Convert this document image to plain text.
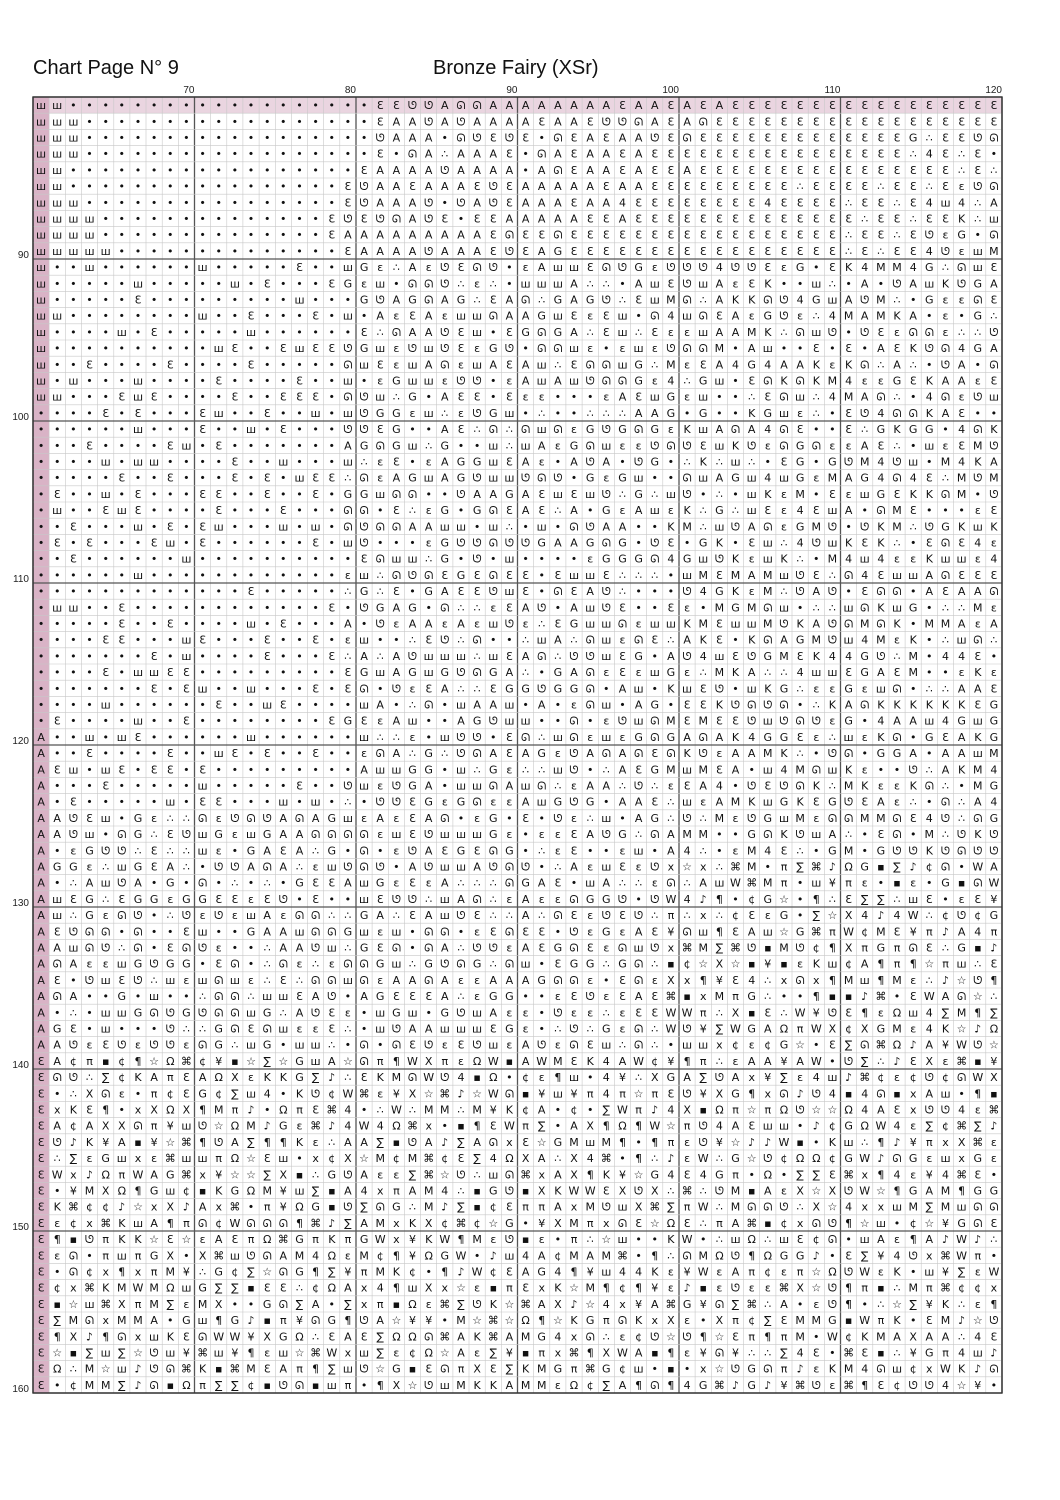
Chart Page N° 9	Bronze Fairy (XSr)
ш ш • • • • • • • • • • • • • • • • • • • Ɛ Ɛ ᘎ ᘎ A ᘏ ᘏ A A A A A A A A Ɛ A A Ɛ A Ɛ A Ɛ Ɛ Ɛ Ɛ Ɛ Ɛ Ɛ Ɛ Ɛ Ɛ Ɛ Ɛ Ɛ Ɛ Ɛ Ɛ Ɛ
ш ш ш • • • • • • • • • • • • • • • • • • Ɛ A A ᘎ A ᘎ A A A A Ɛ A A Ɛ ᘎ ᘎ ᘏ A Ɛ A ᘏ Ɛ Ɛ Ɛ Ɛ Ɛ Ɛ Ɛ Ɛ Ɛ Ɛ Ɛ Ɛ Ɛ Ɛ Ɛ Ɛ Ɛ Ɛ
ш ш ш • • • • • • • • • • • • • • • • • • ᘎ A A A • ᘏ ᘎ Ɛ ᘎ Ɛ • ᘏ Ɛ A Ɛ A A ᘎ Ɛ ᘏ Ɛ Ɛ Ɛ Ɛ Ɛ Ɛ Ɛ Ɛ Ɛ Ɛ Ɛ Ɛ Ɛ G ∴ Ɛ Ɛ ᘎ ᘏ
ш ш ш • • • • • • • • • • • • • • • • • • Ɛ • ᘏ A ∴ A A A Ɛ • ᘏ A Ɛ A A Ɛ A Ɛ Ɛ Ɛ Ɛ Ɛ Ɛ Ɛ Ɛ Ɛ Ɛ Ɛ Ɛ Ɛ Ɛ Ɛ Ɛ ∴ 4 Ɛ ∴ Ɛ •
ш ш • • • • • • • • • • • • • • • • • • Ɛ A A A A ᘎ A A A A • A ᘏ Ɛ A A Ɛ A Ɛ Ɛ A Ɛ Ɛ Ɛ Ɛ Ɛ Ɛ Ɛ Ɛ Ɛ Ɛ Ɛ Ɛ Ɛ Ɛ Ɛ Ɛ ∴ Ɛ ∴
ш ш • • • • • • • • • • • • • • • • • Ɛ ᘎ A A Ɛ A A A Ɛ ᘎ Ɛ A A A A A Ɛ A A Ɛ Ɛ Ɛ Ɛ Ɛ Ɛ Ɛ Ɛ Ɛ ∴ Ɛ Ɛ Ɛ Ɛ ∴ Ɛ Ɛ ∴ Ɛ ε ᘎ ᘏ
ш ш ш • • • • • • • • • • • • • • • • Ɛ ᘎ A A A ᘎ • ᘎ A ᘎ Ɛ A A A Ɛ A A 4 Ɛ Ɛ Ɛ Ɛ Ɛ Ɛ Ɛ Ɛ 4 Ɛ Ɛ Ɛ Ɛ ∴ Ɛ Ɛ ∴ Ɛ 4 ш 4 ∴ A
ш ш ш ш • • • • • • • • • • • • • • Ɛ ᘎ Ɛ ᘎ ᘏ A ᘎ Ɛ • Ɛ Ɛ A A A A A Ɛ Ɛ A Ɛ Ɛ Ɛ Ɛ Ɛ Ɛ Ɛ Ɛ Ɛ Ɛ Ɛ Ɛ Ɛ Ɛ ∴ Ɛ Ɛ ∴ Ɛ Ɛ K ∴ ш
ш ш ш ш • • • • • • • • • • • • • • Ɛ A A A A A A A A A Ɛ ᘏ Ɛ Ɛ ᘏ Ɛ Ɛ Ɛ Ɛ Ɛ Ɛ Ɛ Ɛ Ɛ Ɛ Ɛ Ɛ Ɛ Ɛ Ɛ Ɛ Ɛ ∴ Ɛ Ɛ ∴ Ɛ ᘎ ε G • ᘏ
ш ш ш ш ш • • • • • • • • • • • • • • Ɛ A A A A ᘎ A A A Ɛ ᘎ Ɛ A G Ɛ Ɛ Ɛ Ɛ Ɛ Ɛ Ɛ Ɛ Ɛ Ɛ Ɛ Ɛ Ɛ Ɛ Ɛ Ɛ Ɛ ∴ Ɛ ∴ Ɛ Ɛ 4 ᘎ ε ш M
ш • • ш • • • • • • ш • • • • • Ɛ • • ш G ε ∴ A ε ᘎ Ɛ ᘏ ᘎ • ε A ш ш Ɛ ᘏ ᘎ G ε ᘎ ᘎ ᘎ 4 ᘎ ᘎ Ɛ ε G • Ɛ K 4 M M 4 G ∴ ᘏ ш Ɛ
ш • • • • • ш • • • • • ш • Ɛ • • • Ɛ G ε ш • ᘏ ᘏ ᘎ ∴ ε ∴ • ш ш ш A ∴ ∴ • A ш Ɛ ᘎ ш A ε Ɛ K • • ш ∴ • A • ᘎ A ш K ᘎ G A
ш • • • • • Ɛ • • • • • • • • • ш • • • G ᘎ A G ᘏ A G ∴ Ɛ A ᘏ ∴ G A G ᘎ ∴ Ɛ ш M ᘏ ∴ A K K ᘏ ᘎ 4 G ш A ᘎ M ∴ • G ε ε ᘏ Ɛ
ш ш • • • • • • • • ш • • Ɛ • • • Ɛ • ш • A ε Ɛ A ε ш ш ᘏ A A G ш Ɛ ε Ɛ ш • ᘏ 4 ш ᘏ Ɛ A ε G ᘎ ε ∴ 4 M A M K A • ε • G ∴
ш • • • • ш • Ɛ • • • • • ш • • • • • • Ɛ ∴ ᘏ A A ᘎ Ɛ ш • Ɛ G ᘏ G A ∴ Ɛ ш ∴ Ɛ ε ε ш A A M K ∴ ᘏ ш ᘎ • ᘎ Ɛ ε ᘏ ᘏ ε ∴ ∴ ᘎ
ш • • • • • • • • • • ш Ɛ • • Ɛ ш Ɛ Ɛ ᘎ G ш ε ᘎ ш ᘎ Ɛ ε G ᘎ • ᘏ ᘏ ш ε • ε ш ε ᘎ ᘏ ᘏ M • A ш • • Ɛ • Ɛ • A Ɛ K ᘎ ᘏ 4 G A
ш • • Ɛ • • • • Ɛ • • • • Ɛ • • • • • ᘏ ш Ɛ ε ш A ᘏ ε ш A Ɛ A ш ∴ Ɛ ᘏ ᘏ ш G ∴ M ε Ɛ A 4 G 4 A A K ε K ᘏ ∴ A ∴ • ᘎ A • ᘏ
ш • ш • • • ш • • • • Ɛ • • • • Ɛ • • ш • ε G ш ш ε ᘎ ᘎ • ε A ш A ш ᘎ ᘏ ᘏ G ε 4 ∴ G ш • Ɛ ᘏ K ᘏ K M 4 ε ε G Ɛ K A A ε Ɛ
ш ш • • • Ɛ ш Ɛ • • • • Ɛ • • Ɛ Ɛ Ɛ • ᘏ ᘎ ш ∴ G • A Ɛ Ɛ • Ɛ ε ε • • • ε A Ɛ ш G ε ш • • ∴ Ɛ ᘏ ш ∴ 4 M A ᘏ ∴ • 4 ᘏ ε ᘎ ш
• • • • Ɛ • Ɛ • • • Ɛ ш • • Ɛ • • ш • ш ᘎ G G ε ш ∴ ε ᘎ G ш • ∴ • • ∴ ∴ ∴ A A G • G • • K G ш ε ∴ • Ɛ ᘎ 4 ᘏ ᘏ K A Ɛ • •
• • • • • • ш • • • Ɛ • • ш • Ɛ • • • ᘎ ᘎ Ɛ G • • A Ɛ ∴ ᘏ ∴ ᘏ ш ᘏ ε G ᘎ G ᘏ G ε K ш A ᘏ A 4 ᘏ Ɛ • • Ɛ ∴ G K G G • 4 ᘏ K
• • • Ɛ • • • • Ɛ ш • Ɛ • • • • • • • A G ᘏ G ш ∴ G • • ш ∴ ш A ε G ᘏ ш ε ε ᘎ ᘏ ᘎ Ɛ ш K ᘎ ε ᘏ G ᘏ ε ε A Ɛ ∴ • ш ε Ɛ M ᘎ
• • • • ш • ш ш • • • • Ɛ • • ш • • • ш ∴ ε Ɛ • ε A G G ш Ɛ A ε • A ᘎ A • ᘎ G • ∴ K ∴ ш ∴ • Ɛ G • G ᘎ M 4 ᘎ ш • M 4 K A
• • • • • Ɛ • • Ɛ • • • Ɛ • Ɛ • ш Ɛ Ɛ ∴ ᘏ ε A G ш A G ᘎ ш ш ᘎ ᘏ ᘎ • G ε G ш • • ᘏ ш A G ш 4 ш G ε M A G 4 ᘏ 4 Ɛ ∴ M ᘎ M
• Ɛ • • ш • Ɛ • • • Ɛ Ɛ • • Ɛ • • Ɛ • G G ш ᘏ ᘏ • • ᘎ A A G A Ɛ ш Ɛ ш ᘎ ∴ G ∴ ш ᘎ • ∴ • ш K ε M • Ɛ ε ш G Ɛ K K ᘏ M • ᘎ
• ш • • Ɛ ш Ɛ • • • • Ɛ • • • Ɛ • • • ᘏ ᘏ • Ɛ ∴ ε G • G ᘏ Ɛ A Ɛ ∴ A • G ε A ш ε K ∴ G ∴ ш Ɛ ε 4 Ɛ ш A • ᘏ M Ɛ • • • ε Ɛ
• • Ɛ • • • ш • Ɛ • Ɛ ш • • • ш • ш • ᘏ ᘎ ᘏ ᘏ A A ш ш • ш ∴ • ш • ᘏ ᘎ A A • • K M ∴ ш ᘎ A ᘏ ε G M ᘎ • ᘎ K M ∴ ᘎ G K ш K
• Ɛ • Ɛ • • • Ɛ ш • Ɛ • • • • • • Ɛ • ш ᘎ • • • ε G ᘎ ᘎ ᘏ ᘎ ᘎ G A A G ᘏ G • ᘎ Ɛ • G K • Ɛ ш ∴ 4 ᘎ ш K Ɛ K ∴ • Ɛ ᘏ Ɛ 4 ε
• • Ɛ • • • • • • ш • • • • • • • • • • Ɛ ᘏ ш ш ∴ G • ᘎ • ш • • • • ε G G G ᘏ 4 G ш ᘎ K ε ш K ∴ • M 4 ш 4 ε ε K ш ш ε 4
• • • • • • ш • • • • • • • • • • • • ε ш ∴ ᘏ ᘎ ᘏ Ɛ G Ɛ ᘏ Ɛ Ɛ • Ɛ ш ш Ɛ ∴ ∴ ∴ • ш M Ɛ M A M ш ᘎ Ɛ ∴ ᘏ 4 Ɛ ш ш A ᘏ Ɛ Ɛ Ɛ
• • • • • • • • • • • • • Ɛ • • • • • ∴ G ∴ Ɛ • G A Ɛ Ɛ ᘎ ш Ɛ • ᘏ Ɛ A ᘎ ∴ • • • ᘎ 4 G K ε M ∴ ᘎ A ᘎ • Ɛ ᘏ ᘏ • A Ɛ A A ᘏ
• ш ш • • Ɛ • • • • • • • • • • • • Ɛ • ᘎ G A G • ᘏ ∴ ∴ ε Ɛ A ᘎ • A ш ᘎ Ɛ • • Ɛ ε • M G M ᘏ ш • ∴ ∴ ш ᘏ K ш G • ∴ ∴ M ε
• • • • • Ɛ • • Ɛ • • • • ш • Ɛ • • • A • ᘎ ε A A ε A ε ш ᘎ ε ∴ Ɛ G ш ш ᘏ ε ш ш K M Ɛ ш ш M ᘎ K A ᘎ ᘏ M ᘏ K • M M A ε A
• • • • Ɛ Ɛ • • • ш Ɛ • • • Ɛ • • Ɛ • ε ш • • ∴ Ɛ ᘎ ∴ ᘏ • • ∴ ш A ∴ ᘏ ш ε ᘏ Ɛ ∴ A K Ɛ • K ᘏ A G M ᘎ ш 4 M ε K • ∴ ш ᘏ ∴
• • • • • • • Ɛ • ш • • • • Ɛ • • • Ɛ ∴ A ∴ A ᘎ ш ш ш ∴ ш Ɛ A ᘏ ∴ ᘎ ᘎ ш Ɛ G • A ᘎ 4 ш Ɛ ᘎ G M Ɛ K 4 4 G ᘎ ∴ M • 4 4 Ɛ •
• • • • Ɛ • ш ш Ɛ Ɛ • • • • • • • • • Ɛ G ш A G ш G ᘎ ᘏ G A ∴ • G A ᘏ ε Ɛ ε ш G ε ∴ M K A ∴ ∴ 4 ш ш Ɛ G A Ɛ M • • ε K ε
• • • • • • • Ɛ • Ɛ ш • • ш • • • Ɛ • Ɛ ᘏ • ᘎ ε Ɛ A ∴ ∴ Ɛ G G ᘎ G G ᘏ • A ш • K ш Ɛ ᘎ • ш K G ∴ ε ε G ε ш ᘏ • ∴ ∴ A A Ɛ
• • • • ш • • • • • • Ɛ • • ш Ɛ • • • • ш A • ∴ ᘏ • ш A A ш • A • ε ᘏ ш • A G • Ɛ Ɛ K ᘎ ᘏ ᘎ ᘏ • ∴ K A ᘏ K K K K K K Ɛ G
• Ɛ • • • • ш • • Ɛ • • • • • • • • Ɛ G Ɛ ε A ш • • A G ᘎ ш ш • • ᘏ • ε ᘎ ш ᘏ M Ɛ M Ɛ Ɛ ᘎ ш ᘎ ᘏ ᘎ ε G • 4 A A ш 4 G ш G
A • • ш • ш Ɛ • • • • • • ш • • • • • • ш ∴ ∴ ε • ш ᘎ ᘎ • Ɛ ᘏ ∴ ш ᘏ ε ш ε G ᘏ G A ᘏ A K 4 G G Ɛ ε ∴ ш ε K ᘏ • G Ɛ A K G
A • • Ɛ • • • • Ɛ • • ш Ɛ • Ɛ • • Ɛ • • ε ᘏ A ∴ G ∴ ᘎ ᘏ A Ɛ A G ε ᘎ A ᘏ A ᘏ Ɛ ᘏ K ᘎ ε A A M K ∴ • ᘎ ᘏ • G G A • A A ш M
A Ɛ ш • ш Ɛ • Ɛ Ɛ • Ɛ • • • • • • • • • A ш ш G G • ш ∴ G ε ∴ ∴ ш ᘎ • ∴ A Ɛ G M ш M Ɛ A • ш 4 M ᘏ ш K ε • • ᘎ ∴ A K M 4
A • • • Ɛ • • • • • ш • • • • • Ɛ • • ᘎ ш ε ᘎ G A • ш ш ᘏ A ш ᘏ ∴ ε A A ∴ ᘎ ∴ ε Ɛ A 4 • ᘎ Ɛ ᘎ ᘏ K ∴ M K ε ε K ᘏ ∴ • M G
A • Ɛ • • • • • ш • Ɛ Ɛ • • • ш • ш • ∴ • ᘎ ᘎ Ɛ G ε G ᘏ ε ε A ш G ᘎ G • A A Ɛ ∴ ш ε A M K ш G K Ɛ G ᘎ Ɛ A ε ∴ • ᘏ ∴ A 4
A A ᘎ Ɛ ш • G ε ∴ ∴ ᘏ ε ᘎ ᘏ ᘎ A ᘏ A G ш ε A ε Ɛ A ᘏ • ε G • Ɛ • ᘎ ε ∴ ш • A G ∴ ᘎ ∴ M ε ᘎ G ш M ε ᘏ ᘏ M M ᘏ Ɛ 4 ᘎ ∴ ᘏ G
A A ᘎ ш • ᘏ G ∴ Ɛ ᘎ ш G ε ш G A A ᘏ ᘏ ᘏ ᘏ ε ш Ɛ ᘎ ш ш ш G ε • ε ε Ɛ A ᘎ G ∴ ᘏ A M M • • G ᘏ K ᘎ ш A ∴ • Ɛ ᘏ • M ∴ ᘎ K ᘎ
A • ε G ᘎ ᘎ ∴ Ɛ ∴ ∴ ш ε • G A Ɛ A ∴ G • ᘏ • ε ᘎ A Ɛ G Ɛ ᘏ G • ∴ ε Ɛ • • ε ш • A 4 ∴ • ε M 4 Ɛ ∴ • G M • G ᘎ ᘎ K ᘎ ᘏ ᘎ ᘎ
A G G ε ∴ ш G Ɛ A ∴ • ᘎ ᘎ A ᘏ A ∴ ε ш ᘎ ᘏ ᘎ • A ᘎ ш ш A ᘎ ᘏ ᘎ • ∴ A ε ш Ɛ ε ᘎ x ☆ x ∴ ⌘ M • π ∑ ⌘ ♪ Ω G ▪ ∑ ♪ ¢ ᘏ • W A
A • ∴ A ш ᘎ A • G • ᘏ • ∴ • ∴ • G Ɛ Ɛ A ш G ε Ɛ ε A ∴ ∴ ∴ ᘏ G A Ɛ • ш A ∴ ∴ ε ᘏ ∴ A ш W ⌘ M π • ш ¥ π ε • ▪ ε • G ▪ ᘏ W
A ш Ɛ G ∴ Ɛ G G ε G G Ɛ Ɛ ε Ɛ ᘎ • Ɛ • • ш Ɛ ᘎ ᘎ ∴ ш A ᘏ ∴ ε A ε ε ᘏ G G ᘎ • ᘎ W 4 ♪ ¶ • ¢ G ☆ • ¶ ∴ Ɛ ∑ ∑ ∴ ш Ɛ • ε Ɛ ¥
A ш ∴ G ε ᘏ ᘎ • ∴ ᘎ ε ᘎ ε ш A ε ᘏ ᘏ ∴ ∴ G A ∴ Ɛ A ш ᘎ Ɛ ∴ ∴ A ∴ ᘏ Ɛ ε ᘎ Ɛ ᘎ ∴ π ∴ x ∴ ¢ Ɛ ε G • ∑ ☆ Ⅹ 4 ♪ 4 W ∴ ¢ ᘎ ¢ G
A Ɛ ᘎ ᘏ ᘏ • ᘏ • • Ɛ ш • • G A A ш ᘏ ᘏ G ш ε ш • ᘏ ᘏ • ε Ɛ ᘏ Ɛ Ɛ • ᘎ ε G ε A Ɛ ¥ ᘏ ш ¶ Ɛ A ш ☆ G ⌘ π W ¢ M Ɛ ¥ π ♪ A 4 π
A A ш ᘏ ᘎ ∴ ᘏ • Ɛ ᘏ ᘎ ε • • ∴ A A ᘎ ш ∴ G Ɛ ᘏ • ᘏ A ∴ ᘎ ᘎ ε A Ɛ G ᘏ Ɛ ε ᘏ ш ᘎ x ⌘ M ∑ ⌘ ᘎ ▪ M ᘎ ¢ ¶ Ⅹ π G π ᘏ Ɛ ∴ G ▪ ♪
A ᘏ A ε ε ш G ᘎ G G • Ɛ ᘏ • ∴ ᘏ ε ∴ ε ᘏ ᘏ G ш ∴ G ᘎ ᘏ G ∴ ᘏ ш • Ɛ G G ∴ G ᘏ ∴ ▪ ¢ ☆ Ⅹ ☆ ▪ ¥ ▪ ε K ш ¢ A ¶ π ¶ ☆ π ш ∴ Ɛ
A Ɛ • ᘎ ш Ɛ ᘎ ∴ ш ε ш ᘏ ш ε ∴ Ɛ ∴ ᘏ ᘏ ш ᘏ ε A A ᘏ A ε ε A A A G ᘏ ᘏ ε • Ɛ ᘏ ε Ⅹ x ¶ ¥ Ɛ 4 ∴ x ᘏ x ¶ M ш ¶ M ε ∴ ♪ ☆ ᘎ ¶
A ᘏ A • • G • ш • • ∴ ᘏ ᘏ ∴ ш ш Ɛ A ᘎ • A G Ɛ Ɛ Ɛ A ∴ ε G G • • ε Ɛ ᘎ ε Ɛ A Ɛ ⌘ ▪ x M π G ∴ • • ¶ ▪ ▪ ♪ ⌘ • Ɛ W A ᘏ ☆ ∴
A • ∴ • ш ш G ᘏ ᘎ G ᘎ ᘏ ᘏ ш G ∴ A ᘎ Ɛ ε • ш G ш • G ᘎ ш A ε ε • ᘎ ε ε ∴ ε Ɛ Ɛ W W π ∴ Ⅹ ▪ Ɛ ∴ W ¥ ᘎ Ɛ ¶ ε Ω ш 4 ∑ M ¶ ∑
A G Ɛ • ш • • • ᘎ ∴ ∴ G ᘏ Ɛ ᘏ ш ε ε Ɛ ∴ • ш ᘎ A A ш ш ш Ɛ G ε • ∴ ᘎ ∴ G ε ᘏ ∴ W ᘎ ¥ ∑ W G A Ω π W Ⅹ ¢ Ⅹ G M ε 4 K ☆ ♪ Ω
A A ᘎ ε Ɛ ᘎ ε ᘎ ᘎ ε ᘏ G ∴ ш G • ш ш ∴ • ᘏ • ᘏ Ɛ ᘎ ε Ɛ ᘎ ш ε A ᘎ ε ᘏ Ɛ ш ∴ ᘏ ∴ • ш ш x ¢ ε ¢ G ☆ • Ɛ ∑ ᘏ ⌘ Ω ♪ A ¥ W ᘎ ☆
Ɛ A ¢ π ▪ ¢ ¶ ☆ Ω ⌘ ¢ ¥ ▪ ☆ ∑ ☆ G ш A ☆ ᘏ π ¶ W Ⅹ π ε Ω W ▪ A W M Ɛ K 4 A W ¢ ¥ ¶ π ∴ ε A A ¥ A W • ᘎ ∑ ∴ ♪ Ɛ Ⅹ ε ⌘ ▪ ¥
Ɛ ᘏ ᘎ ∴ ∑ ¢ K A π Ɛ A Ω Ⅹ ε K K G ∑ ♪ ∴ Ɛ K M ᘏ W ᘎ 4 ▪ Ω • ¢ ε ¶ ш • 4 ¥ ∴ Ⅹ G A ∑ ᘎ A x ¥ ∑ ε 4 ш ♪ ⌘ ¢ ε ¢ ᘎ ¢ ᘏ W Ⅹ
Ɛ • ∴ Ⅹ ᘏ ε • π ¢ Ɛ G ¢ ∑ ш 4 • K ᘎ ¢ W ⌘ ε ¥ Ⅹ ☆ ⌘ ♪ ☆ W ᘏ ▪ ¥ ш ¥ π 4 π ☆ π Ɛ ᘎ ¥ Ⅹ G ¶ x ᘏ ♪ ᘎ 4 ▪ 4 ᘏ ▪ x A ш • ¶ ▪
Ɛ x K Ɛ ¶ • x Ⅹ Ω Ⅹ ¶ M π ♪ • Ω π Ɛ ⌘ 4 • ∴ W ∴ M M ∴ M ¥ K ¢ A • ¢ • ∑ W π ♪ 4 Ⅹ ▪ Ω π ☆ π Ω ᘎ ☆ ☆ Ω 4 A Ɛ x ᘎ ᘎ 4 ε ⌘
Ɛ A ¢ A Ⅹ Ⅹ ᘏ π ¥ ш ᘎ ☆ Ω M ♪ G ε ⌘ ♪ 4 W 4 Ω ⌘ x • ▪ ¶ Ɛ W π ∑ • A Ⅹ ¶ Ω ¶ W ☆ π ᘎ 4 A Ɛ ш ш • ♪ ¢ G Ω W 4 ε ∑ ¢ ⌘ ∑ ♪
Ɛ ᘎ ♪ K ¥ A ▪ ¥ ☆ ⌘ ¶ ᘎ A ∑ ¶ ¶ K ε ∴ A A ∑ ▪ ᘎ A ♪ ∑ A ᘏ x Ɛ ☆ G M ш M ¶ • ¶ π ε ᘎ ¥ ☆ ♪ ♪ W ▪ • K ш ∴ ¶ ♪ ¥ π x Ⅹ ⌘ ε
Ɛ ∴ ∑ ε G ш x ε ⌘ ш ш π Ω ☆ Ɛ ш • x ¢ Ⅹ ☆ M ¢ M ⌘ ¢ Ɛ ∑ 4 Ω Ⅹ A ∴ Ⅹ 4 ⌘ • ¶ ∴ ♪ ε W ∴ G ☆ ᘎ ¢ Ω Ω ¢ G W ♪ ᘏ G ε ш x G ε
Ɛ W x ♪ Ω π W A G ⌘ x ¥ ☆ ☆ ∑ Ⅹ ▪ ∴ G ᘎ A ε ε ∑ ⌘ ☆ ᘎ ∴ ш ᘏ ⌘ x A Ⅹ ¶ K ¥ ☆ G 4 Ɛ 4 G π • Ω • ∑ ∑ Ɛ ⌘ x ¶ 4 ε ¥ 4 ⌘ Ɛ •
Ɛ • ¥ M Ⅹ Ω ¶ G ш ¢ ▪ K G Ω M ¥ ш ∑ ▪ A 4 x π A M 4 ∴ ▪ G ᘎ ▪ Ⅹ K W W Ɛ Ⅹ ᘎ Ⅹ ∴ ⌘ ∴ ᘎ M ▪ A ε Ⅹ ☆ Ⅹ ᘎ W ☆ ¶ G A M ¶ G G
Ɛ K ⌘ ¢ ¢ ♪ ☆ x Ⅹ ♪ A x ⌘ • π ¥ Ω G ▪ ᘎ ∑ ᘏ G ∴ M ♪ ∑ ▪ ¢ Ɛ π π A x M ᘎ ш Ⅹ ⌘ ∑ π W ∴ M ᘏ ᘏ ᘎ ∴ Ⅹ ☆ 4 x x ш M ∑ M ш ᘏ ᘏ
Ɛ ε ¢ x ⌘ K ш A ¶ π ᘏ ¢ W ᘏ ᘏ ᘏ ¶ ⌘ ♪ ∑ A M x K Ⅹ ¢ ⌘ ¢ ☆ G • ¥ Ⅹ M π x ᘏ Ɛ ☆ Ω Ɛ ∴ π A ⌘ ▪ ¢ x ᘏ ᘎ ¶ ☆ ш • ¢ ☆ ¥ G ᘏ Ɛ
Ɛ ¶ ▪ ᘎ π K K ☆ Ɛ ☆ ε A Ɛ π Ω ⌘ G π K π G W x ¥ K W ¶ M ε ᘎ ▪ ε • π ∴ ☆ ш • • K W • ∴ ш Ω ∴ ш Ɛ ¢ ᘏ • ш A ε ¶ A ♪ W ♪ ∴
Ɛ ε ᘏ • π ш π G Ⅹ • Ⅹ ⌘ ш ᘎ ᘏ A M 4 Ω ε M ¢ ¶ ¥ Ω G W • ♪ ш 4 A ¢ M A M ⌘ • ¶ ∴ ᘏ M Ω ᘎ ¶ Ω G G ♪ • Ɛ ∑ ¥ 4 ᘎ x ⌘ W π •
Ɛ • ᘏ ¢ x ¶ x π M ¥ ∴ G ¢ ∑ ☆ ᘏ G ¶ ∑ ¥ π M K ¢ • ¶ ♪ W ¢ Ɛ A G 4 ¶ ¥ ш 4 4 K ε ¥ W ε A π ¢ ε π ☆ Ω ᘎ W ε K • ш ¥ ∑ ε W
Ɛ ¢ x ⌘ K M W M Ω ш G ∑ ∑ ▪ Ɛ Ɛ ∴ ¢ Ω A x 4 ¶ ш Ⅹ x ☆ ε ▪ π Ɛ x K ☆ M ¶ ¢ ¶ ¥ ε ♪ ▪ ε ᘎ ε ε ⌘ Ⅹ ☆ ᘎ ¶ π ▪ ∴ M π ⌘ ¢ ¢ x
Ɛ ▪ ☆ ш ⌘ Ⅹ π M ∑ ε M Ⅹ • • G ᘏ ∑ A • ∑ x π ▪ Ω ε ⌘ ∑ ᘎ K ☆ ⌘ A Ⅹ ♪ ☆ 4 x ¥ A ⌘ G ¥ ᘏ ∑ ⌘ ∴ A • ε ᘎ ¶ • ∴ ☆ ∑ ¥ K ∴ ε ¶
Ɛ ∑ M ᘏ x M M A • G ш ¶ G ♪ ▪ π ¥ ᘏ G ¶ ᘎ A ☆ ¥ ¥ • M ☆ ⌘ ☆ Ω ¶ ☆ K G π ᘏ K x Ⅹ ε • Ⅹ π ¢ ∑ Ɛ M M G ▪ W π K • Ɛ M ♪ ☆ ᘎ
Ɛ ¶ Ⅹ ♪ ¶ ᘏ x ш K Ɛ ᘏ W W ¥ Ⅹ G Ω ∴ Ɛ A Ɛ ∑ Ω Ω ᘏ ⌘ A K ⌘ A M G 4 x ᘏ ∴ ε ¢ ᘎ ☆ ᘎ ¶ ☆ Ɛ π ¶ π M • W ¢ K M A Ⅹ A A ∴ 4 Ɛ
Ɛ ☆ ▪ ∑ ш ∑ ☆ ᘎ ш ¥ ⌘ ш ¥ ¶ ε ш ☆ ⌘ W x ш ∑ ε ¢ Ω ☆ A ε ∑ ¥ ▪ π x ⌘ ¶ Ⅹ W A ▪ ¶ ε ¥ ᘏ ¥ ∴ ∴ ∑ 4 Ɛ • ⌘ Ɛ ▪ ∴ ¥ G π 4 ш ♪
Ɛ Ω ∴ M ☆ ш ♪ ᘎ ᘏ ⌘ K ▪ ⌘ M Ɛ A π ¶ ∑ ш ᘎ ☆ G ▪ Ɛ ᘏ π Ⅹ Ɛ ∑ K M G π ⌘ G ¢ ш • ▪ • x ☆ ᘎ G ᘏ π ♪ ε K M 4 ᘏ ш ¢ x W K ♪ ᘏ
Ɛ • ¢ M M ∑ ♪ ᘏ ▪ Ω π ∑ ∑ ¢ ▪ ᘎ ᘏ ▪ ш π • ¶ Ⅹ ☆ ᘎ ш M K K A M M ε Ω ¢ ∑ A ¶ ᘏ ¶ 4 G ⌘ ♪ G ♪ ¥ ⌘ ᘎ ε ⌘ ¶ Ɛ ¢ ᘎ ᘎ 4 ☆ ¥ •
70	80	90	100	110	120
90
100
110
120
130
140
150
160
